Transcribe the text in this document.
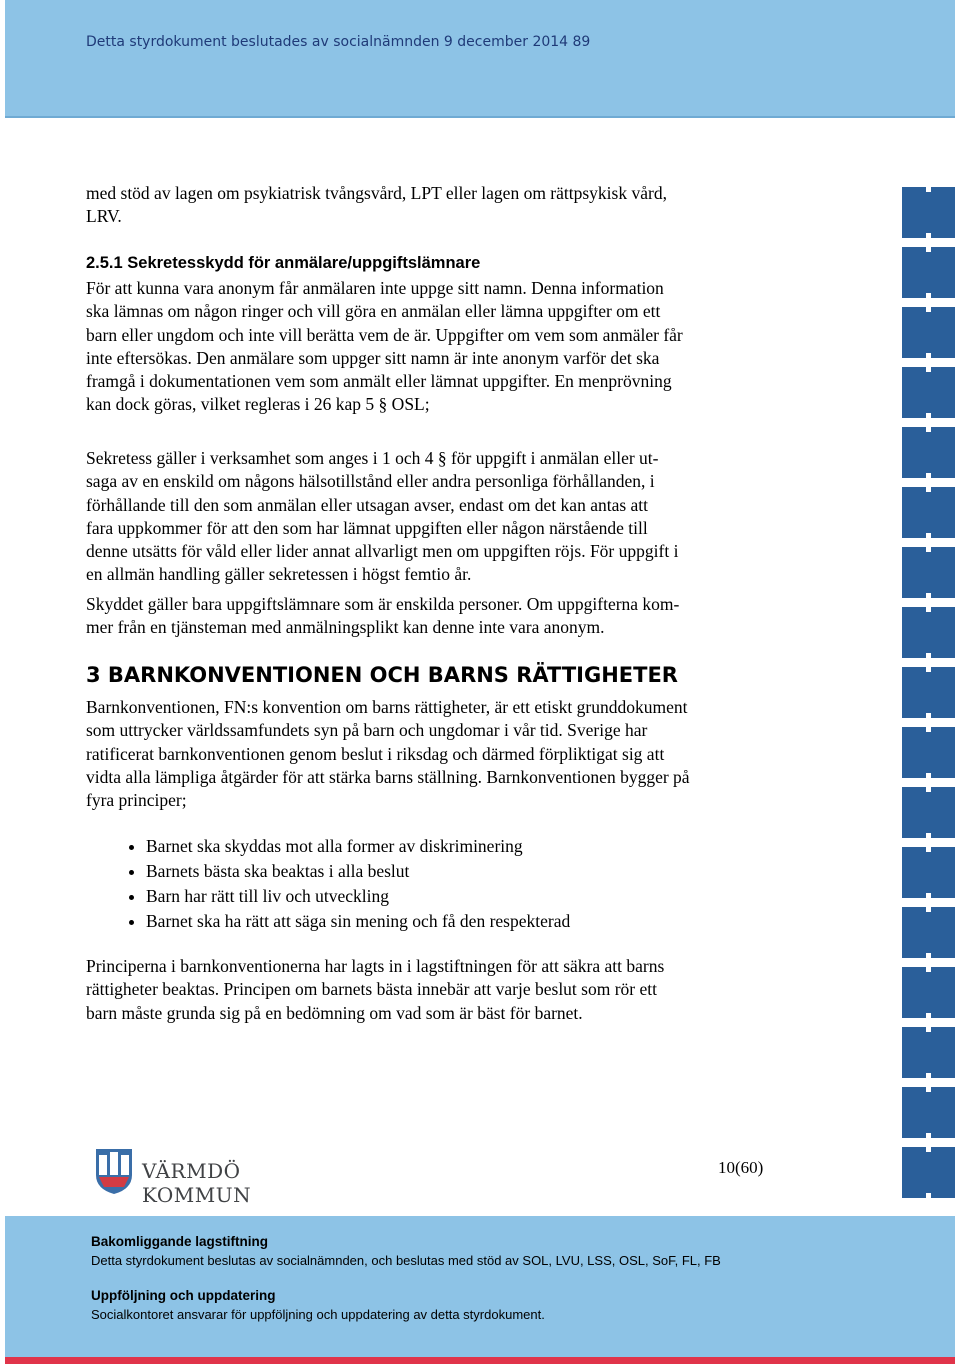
Detta styrdokument beslutades av socialnämnden 9 december 2014 89
med stöd av lagen om psykiatrisk tvångsvård, LPT eller lagen om rättpsykisk vård,
LRV.
2.5.1 Sekretesskydd för anmälare/uppgiftslämnare
För att kunna vara anonym får anmälaren inte uppge sitt namn. Denna information
ska lämnas om någon ringer och vill göra en anmälan eller lämna uppgifter om ett
barn eller ungdom och inte vill berätta vem de är. Uppgifter om vem som anmäler får
inte eftersökas. Den anmälare som uppger sitt namn är inte anonym varför det ska
framgå i dokumentationen vem som anmält eller lämnat uppgifter. En menprövning
kan dock göras, vilket regleras i 26 kap 5 § OSL;
Sekretess gäller i verksamhet som anges i 1 och 4 § för uppgift i anmälan eller ut-
saga av en enskild om någons hälsotillstånd eller andra personliga förhållanden, i
förhållande till den som anmälan eller utsagan avser, endast om det kan antas att
fara uppkommer för att den som har lämnat uppgiften eller någon närstående till
denne utsätts för våld eller lider annat allvarligt men om uppgiften röjs. För uppgift i
en allmän handling gäller sekretessen i högst femtio år.
Skyddet gäller bara uppgiftslämnare som är enskilda personer. Om uppgifterna kom-
mer från en tjänsteman med anmälningsplikt kan denne inte vara anonym.
3 BARNKONVENTIONEN OCH BARNS RÄTTIGHETER
Barnkonventionen, FN:s konvention om barns rättigheter, är ett etiskt grunddokument
som uttrycker världssamfundets syn på barn och ungdomar i vår tid. Sverige har
ratificerat barnkonventionen genom beslut i riksdag och därmed förpliktigat sig att
vidta alla lämpliga åtgärder för att stärka barns ställning. Barnkonventionen bygger på
fyra principer;
• Barnet ska skyddas mot alla former av diskriminering
• Barnets bästa ska beaktas i alla beslut
• Barn har rätt till liv och utveckling
• Barnet ska ha rätt att säga sin mening och få den respekterad
Principerna i barnkonventionerna har lagts in i lagstiftningen för att säkra att barns
rättigheter beaktas. Principen om barnets bästa innebär att varje beslut som rör ett
barn måste grunda sig på en bedömning om vad som är bäst för barnet.
VÄRMDÖ KOMMUN
10(60)
Bakomliggande lagstiftning
Detta styrdokument beslutas av socialnämnden, och beslutas med stöd av SOL, LVU, LSS, OSL, SoF, FL, FB
Uppföljning och uppdatering
Socialkontoret ansvarar för uppföljning och uppdatering av detta styrdokument.
